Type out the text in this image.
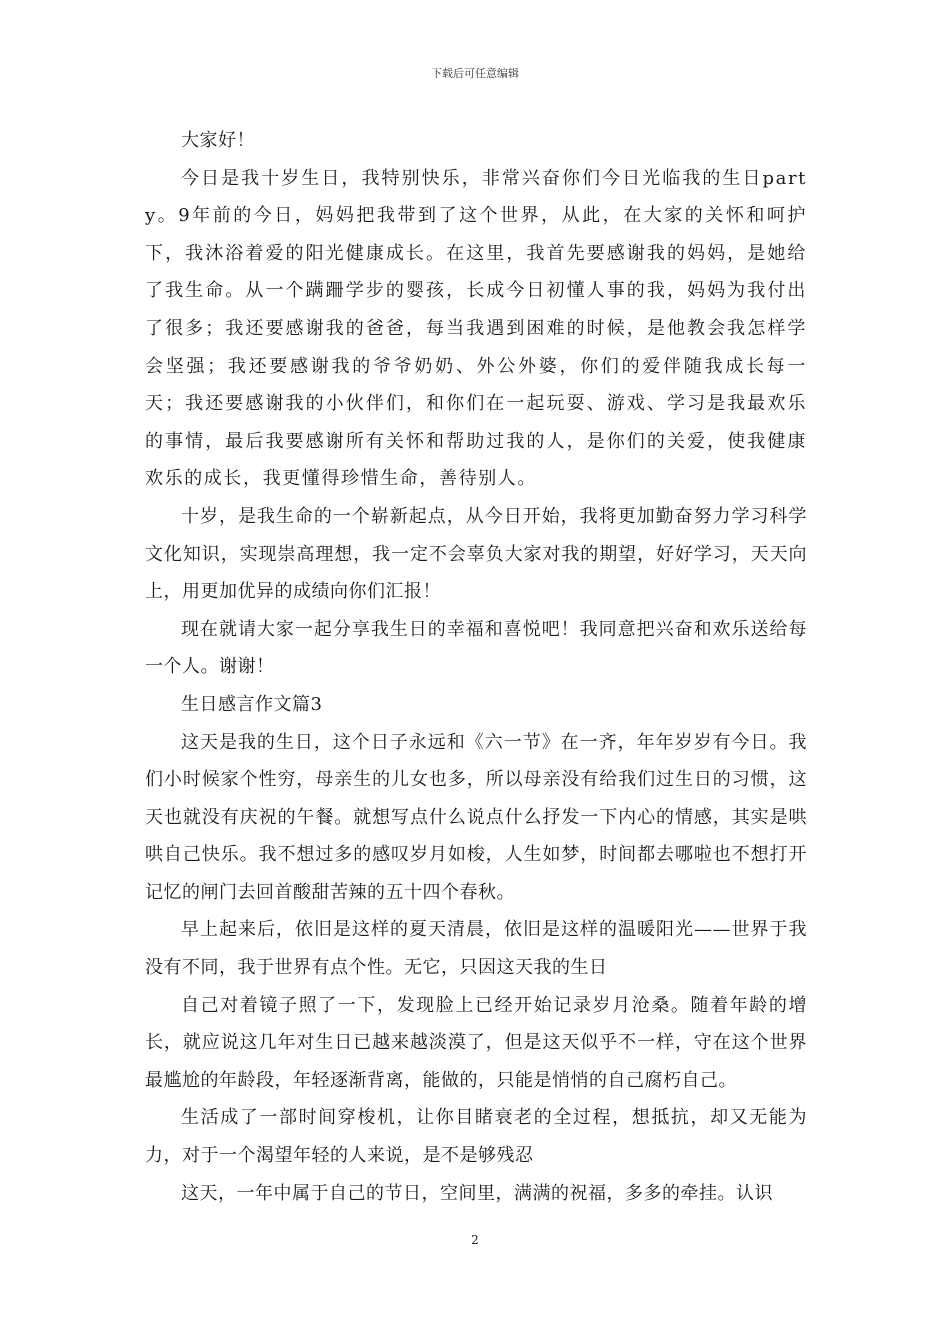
下载后可任意编辑

大家好！

今日是我十岁生日，我特别快乐，非常兴奋你们今日光临我的生日party。9年前的今日，妈妈把我带到了这个世界，从此，在大家的关怀和呵护下，我沐浴着爱的阳光健康成长。在这里，我首先要感谢我的妈妈，是她给了我生命。从一个蹒跚学步的婴孩，长成今日初懂人事的我，妈妈为我付出了很多；我还要感谢我的爸爸，每当我遇到困难的时候，是他教会我怎样学会坚强；我还要感谢我的爷爷奶奶、外公外婆，你们的爱伴随我成长每一天；我还要感谢我的小伙伴们，和你们在一起玩耍、游戏、学习是我最欢乐的事情，最后我要感谢所有关怀和帮助过我的人，是你们的关爱，使我健康欢乐的成长，我更懂得珍惜生命，善待别人。

十岁，是我生命的一个崭新起点，从今日开始，我将更加勤奋努力学习科学文化知识，实现崇高理想，我一定不会辜负大家对我的期望，好好学习，天天向上，用更加优异的成绩向你们汇报！

现在就请大家一起分享我生日的幸福和喜悦吧！我同意把兴奋和欢乐送给每一个人。谢谢！

生日感言作文篇3

这天是我的生日，这个日子永远和《六一节》在一齐，年年岁岁有今日。我们小时候家个性穷，母亲生的儿女也多，所以母亲没有给我们过生日的习惯，这天也就没有庆祝的午餐。就想写点什么说点什么抒发一下内心的情感，其实是哄哄自己快乐。我不想过多的感叹岁月如梭，人生如梦，时间都去哪啦也不想打开记忆的闸门去回首酸甜苦辣的五十四个春秋。

早上起来后，依旧是这样的夏天清晨，依旧是这样的温暖阳光——世界于我没有不同，我于世界有点个性。无它，只因这天我的生日

自己对着镜子照了一下，发现脸上已经开始记录岁月沧桑。随着年龄的增长，就应说这几年对生日已越来越淡漠了，但是这天似乎不一样，守在这个世界最尴尬的年龄段，年轻逐渐背离，能做的，只能是悄悄的自己腐朽自己。

生活成了一部时间穿梭机，让你目睹衰老的全过程，想抵抗，却又无能为力，对于一个渴望年轻的人来说，是不是够残忍

这天，一年中属于自己的节日，空间里，满满的祝福，多多的牵挂。认识

2
